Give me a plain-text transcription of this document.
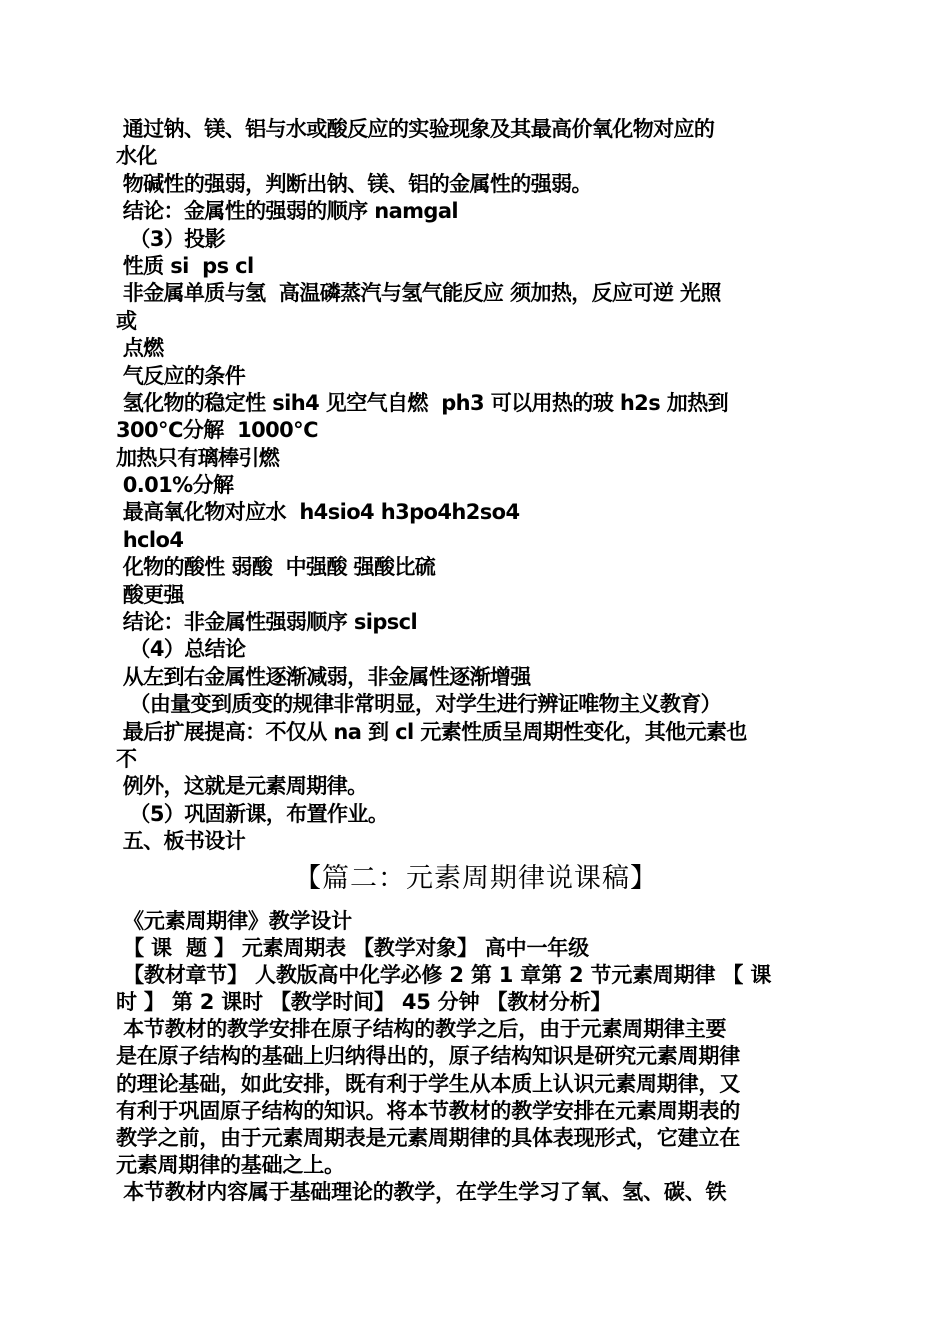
通过钠、镁、铝与水或酸反应的实验现象及其最高价氧化物对应的
水化
物碱性的强弱，判断出钠、镁、铝的金属性的强弱。
结论：金属性的强弱的顺序 namgal
（3）投影
性质 si  ps cl
非金属单质与氢  高温磷蒸汽与氢气能反应 须加热，反应可逆 光照
或
点燃
气反应的条件
氢化物的稳定性 sih4 见空气自燃  ph3 可以用热的玻 h2s 加热到
300℃分解  1000℃
加热只有璃棒引燃
0.01%分解
最高氧化物对应水  h4sio4 h3po4h2so4
hclo4
化物的酸性 弱酸  中强酸 强酸比硫
酸更强
结论：非金属性强弱顺序 sipscl
（4）总结论
从左到右金属性逐渐减弱，非金属性逐渐增强
（由量变到质变的规律非常明显，对学生进行辨证唯物主义教育）
最后扩展提高：不仅从 na 到 cl 元素性质呈周期性变化，其他元素也
不
例外，这就是元素周期律。
（5）巩固新课，布置作业。
五、板书设计
【篇二：元素周期律说课稿】
《元素周期律》教学设计
【 课  题 】 元素周期表 【教学对象】 高中一年级
【教材章节】 人教版高中化学必修 2 第 1 章第 2 节元素周期律 【 课
时 】 第 2 课时 【教学时间】 45 分钟 【教材分析】
本节教材的教学安排在原子结构的教学之后，由于元素周期律主要
是在原子结构的基础上归纳得出的，原子结构知识是研究元素周期律
的理论基础，如此安排，既有利于学生从本质上认识元素周期律，又
有利于巩固原子结构的知识。将本节教材的教学安排在元素周期表的
教学之前，由于元素周期表是元素周期律的具体表现形式，它建立在
元素周期律的基础之上。
本节教材内容属于基础理论的教学，在学生学习了氧、氢、碳、铁
